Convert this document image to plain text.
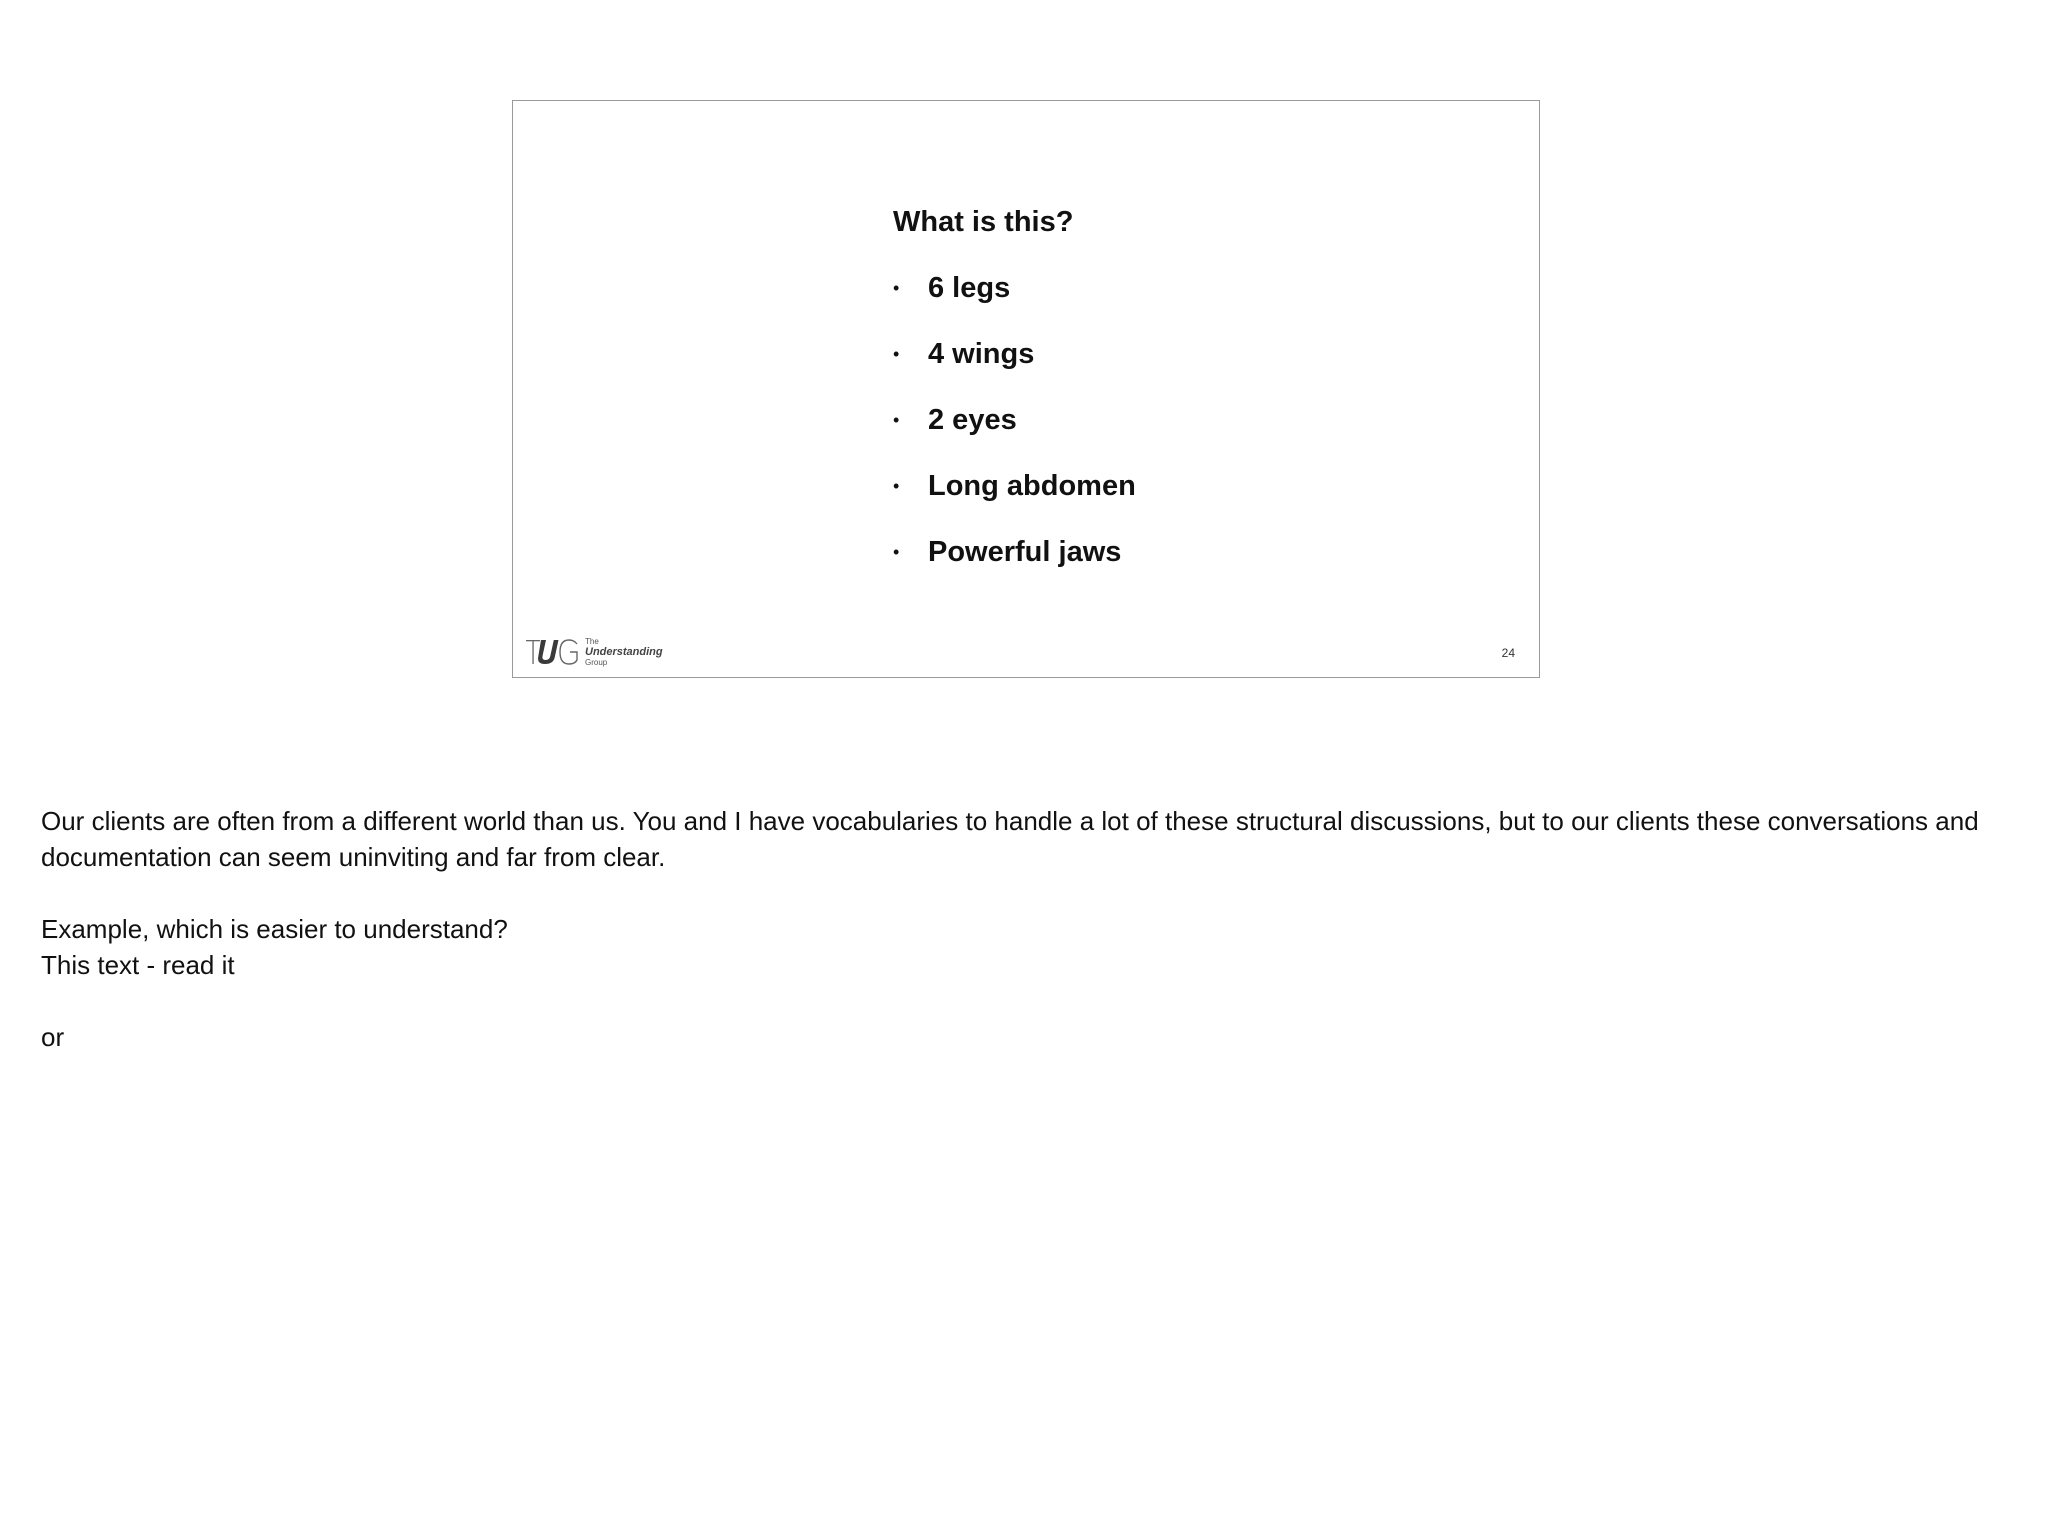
What is this?
• 6 legs
• 4 wings
• 2 eyes
• Long abdomen
• Powerful jaws
The
Understanding
Group
24

Our clients are often from a different world than us. You and I have vocabularies to handle a lot of these structural discussions, but to our clients these conversations and documentation can seem uninviting and far from clear.

Example, which is easier to understand?

This text - read it

or
